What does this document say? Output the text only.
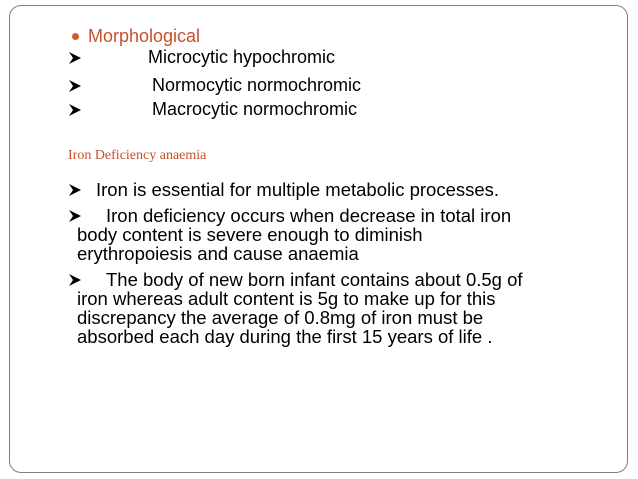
Morphological
Microcytic hypochromic
Normocytic normochromic
Macrocytic normochromic
Iron Deficiency anaemia
Iron is essential for multiple metabolic processes.
Iron deficiency occurs when decrease in total iron
body content is severe enough to diminish
erythropoiesis and cause anaemia
The body of new born infant contains about 0.5g of
iron whereas adult content is 5g to make up for this
discrepancy the average of 0.8mg of iron must be
absorbed each day during the first 15 years of life .
